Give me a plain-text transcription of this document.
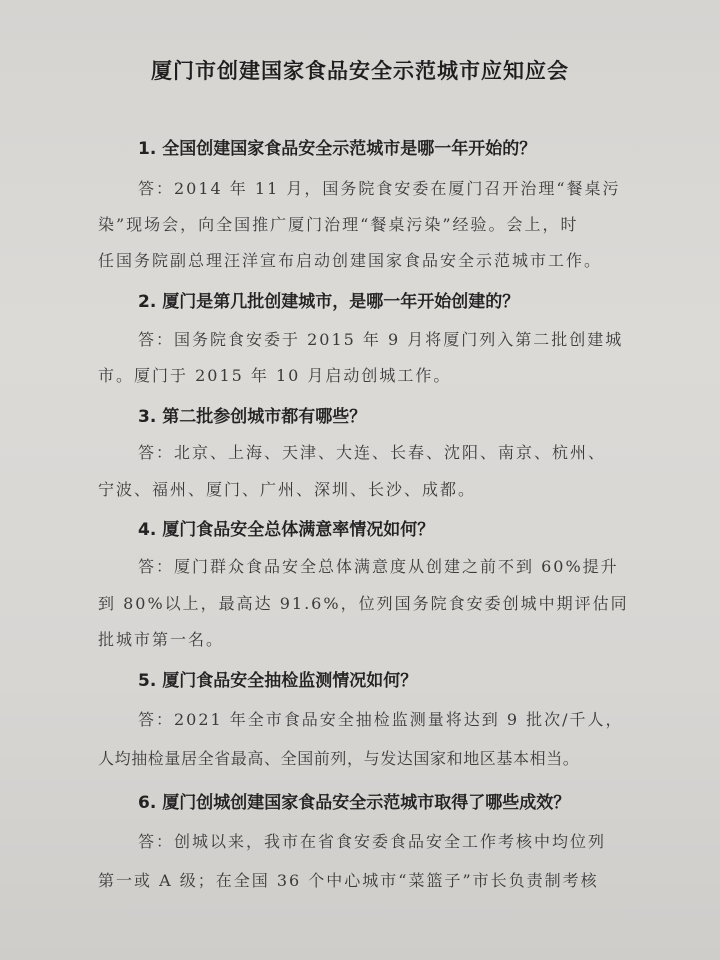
厦门市创建国家食品安全示范城市应知应会
1. 全国创建国家食品安全示范城市是哪一年开始的？
答：2014 年 11 月，国务院食安委在厦门召开治理“餐桌污
染”现场会，向全国推广厦门治理“餐桌污染”经验。会上，时
任国务院副总理汪洋宣布启动创建国家食品安全示范城市工作。
2. 厦门是第几批创建城市，是哪一年开始创建的？
答：国务院食安委于 2015 年 9 月将厦门列入第二批创建城
市。厦门于 2015 年 10 月启动创城工作。
3. 第二批参创城市都有哪些？
答：北京、上海、天津、大连、长春、沈阳、南京、杭州、
宁波、福州、厦门、广州、深圳、长沙、成都。
4. 厦门食品安全总体满意率情况如何？
答：厦门群众食品安全总体满意度从创建之前不到 60%提升
到 80%以上，最高达 91.6%，位列国务院食安委创城中期评估同
批城市第一名。
5. 厦门食品安全抽检监测情况如何？
答：2021 年全市食品安全抽检监测量将达到 9 批次/千人，
人均抽检量居全省最高、全国前列，与发达国家和地区基本相当。
6. 厦门创城创建国家食品安全示范城市取得了哪些成效？
答：创城以来，我市在省食安委食品安全工作考核中均位列
第一或 A 级；在全国 36 个中心城市“菜篮子”市长负责制考核
